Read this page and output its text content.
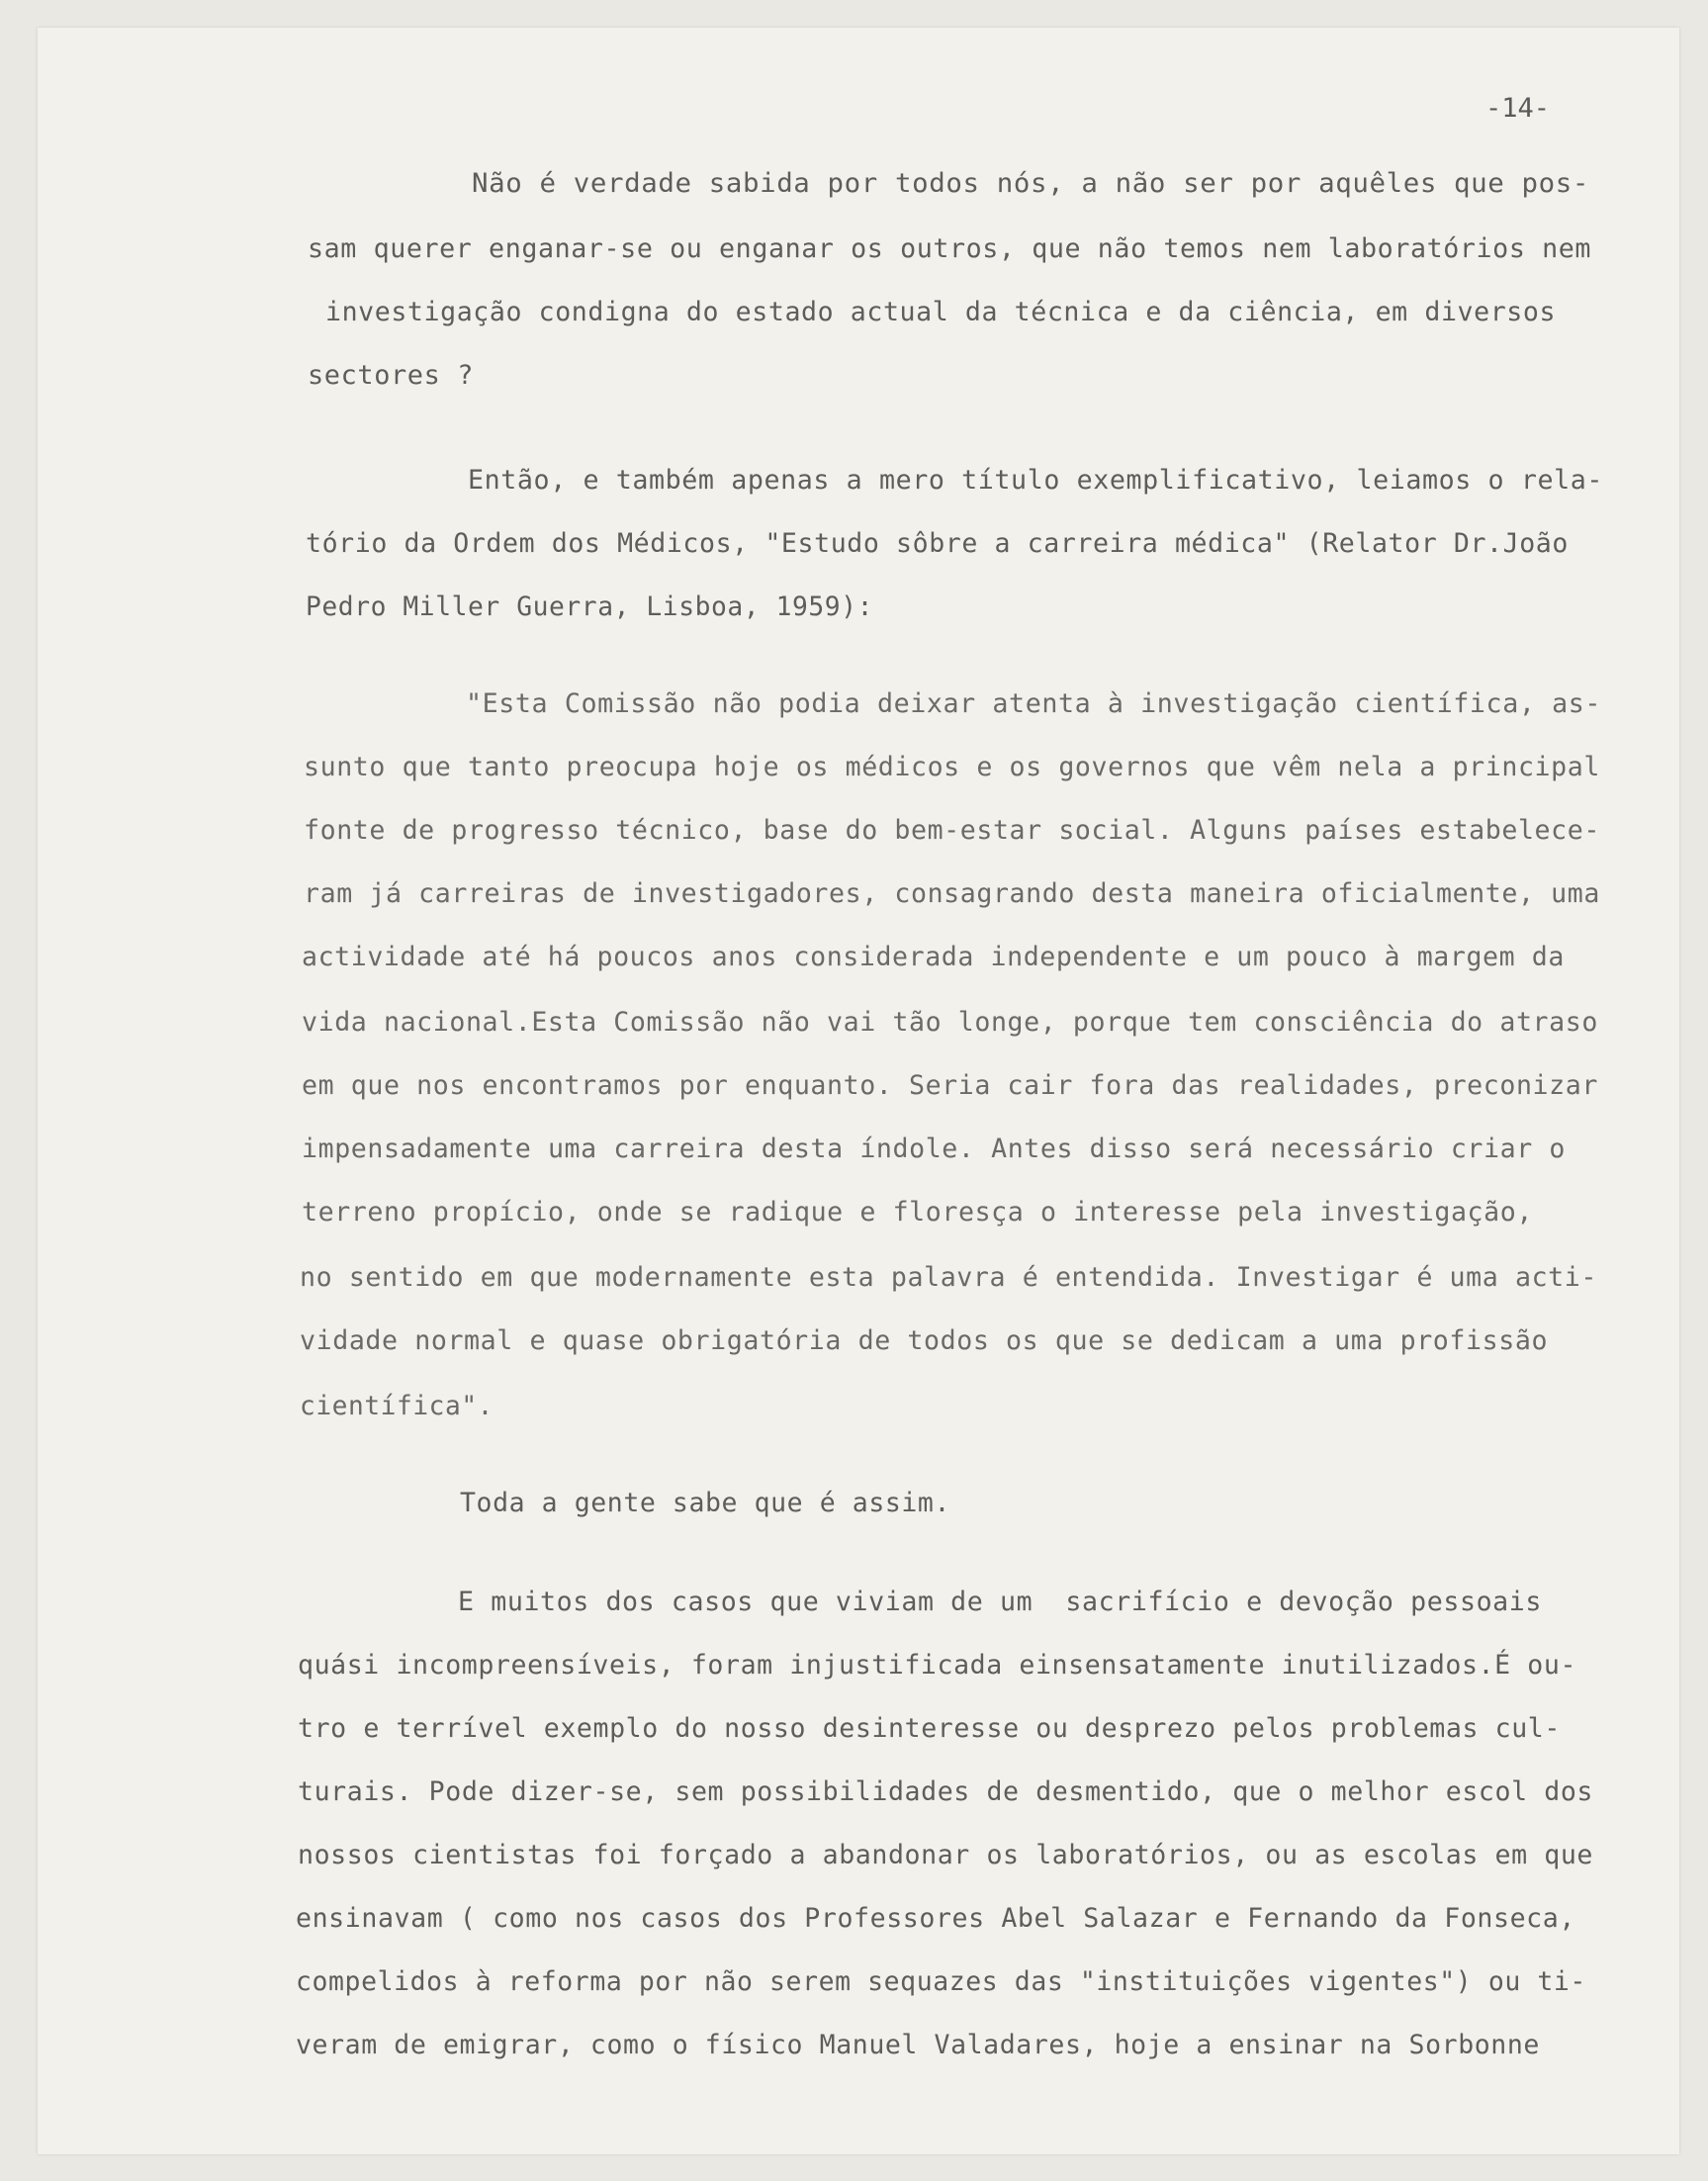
-14-
Não é verdade sabida por todos nós, a não ser por aquêles que pos-
sam querer enganar-se ou enganar os outros, que não temos nem laboratórios nem
investigação condigna do estado actual da técnica e da ciência, em diversos
sectores ?
Então, e também apenas a mero título exemplificativo, leiamos o rela-
tório da Ordem dos Médicos, "Estudo sôbre a carreira médica" (Relator Dr.João
Pedro Miller Guerra, Lisboa, 1959):
"Esta Comissão não podia deixar atenta à investigação científica, as-
sunto que tanto preocupa hoje os médicos e os governos que vêm nela a principal
fonte de progresso técnico, base do bem-estar social. Alguns países estabelece-
ram já carreiras de investigadores, consagrando desta maneira oficialmente, uma
actividade até há poucos anos considerada independente e um pouco à margem da
vida nacional.Esta Comissão não vai tão longe, porque tem consciência do atraso
em que nos encontramos por enquanto. Seria cair fora das realidades, preconizar
impensadamente uma carreira desta índole. Antes disso será necessário criar o
terreno propício, onde se radique e floresça o interesse pela investigação,
no sentido em que modernamente esta palavra é entendida. Investigar é uma acti-
vidade normal e quase obrigatória de todos os que se dedicam a uma profissão
científica".
Toda a gente sabe que é assim.
E muitos dos casos que viviam de um  sacrifício e devoção pessoais
quási incompreensíveis, foram injustificada einsensatamente inutilizados.É ou-
tro e terrível exemplo do nosso desinteresse ou desprezo pelos problemas cul-
turais. Pode dizer-se, sem possibilidades de desmentido, que o melhor escol dos
nossos cientistas foi forçado a abandonar os laboratórios, ou as escolas em que
ensinavam ( como nos casos dos Professores Abel Salazar e Fernando da Fonseca,
compelidos à reforma por não serem sequazes das "instituições vigentes") ou ti-
veram de emigrar, como o físico Manuel Valadares, hoje a ensinar na Sorbonne
